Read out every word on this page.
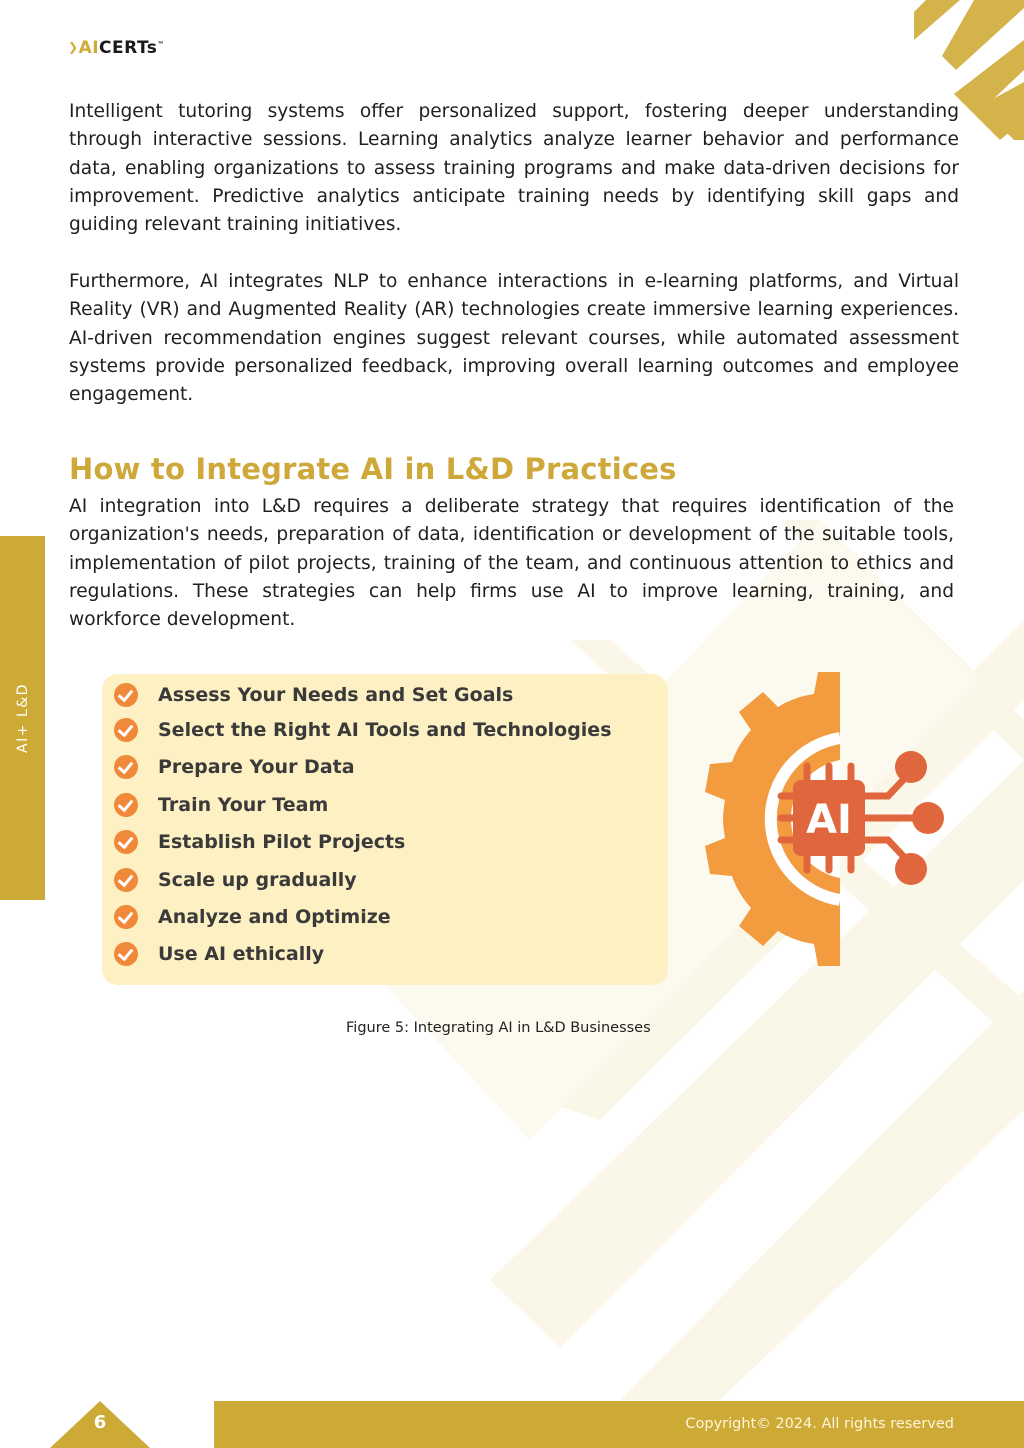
❯AICERTs™

Intelligent tutoring systems offer personalized support, fostering deeper understanding through interactive sessions. Learning analytics analyze learner behavior and performance data, enabling organizations to assess training programs and make data-driven decisions for improvement. Predictive analytics anticipate training needs by identifying skill gaps and guiding relevant training initiatives.

Furthermore, AI integrates NLP to enhance interactions in e-learning platforms, and Virtual Reality (VR) and Augmented Reality (AR) technologies create immersive learning experiences. AI-driven recommendation engines suggest relevant courses, while automated assessment systems provide personalized feedback, improving overall learning outcomes and employee engagement.

How to Integrate AI in L&D Practices

AI integration into L&D requires a deliberate strategy that requires identification of the organization's needs, preparation of data, identification or development of the suitable tools, implementation of pilot projects, training of the team, and continuous attention to ethics and regulations. These strategies can help firms use AI to improve learning, training, and workforce development.

AI+ L&D	Assess Your Needs and Set Goals
Select the Right AI Tools and Technologies
Prepare Your Data
Train Your Team
Establish Pilot Projects
Scale up gradually
Analyze and Optimize
Use AI ethically
AI
Figure 5: Integrating AI in L&D Businesses
6	Copyright© 2024. All rights reserved
